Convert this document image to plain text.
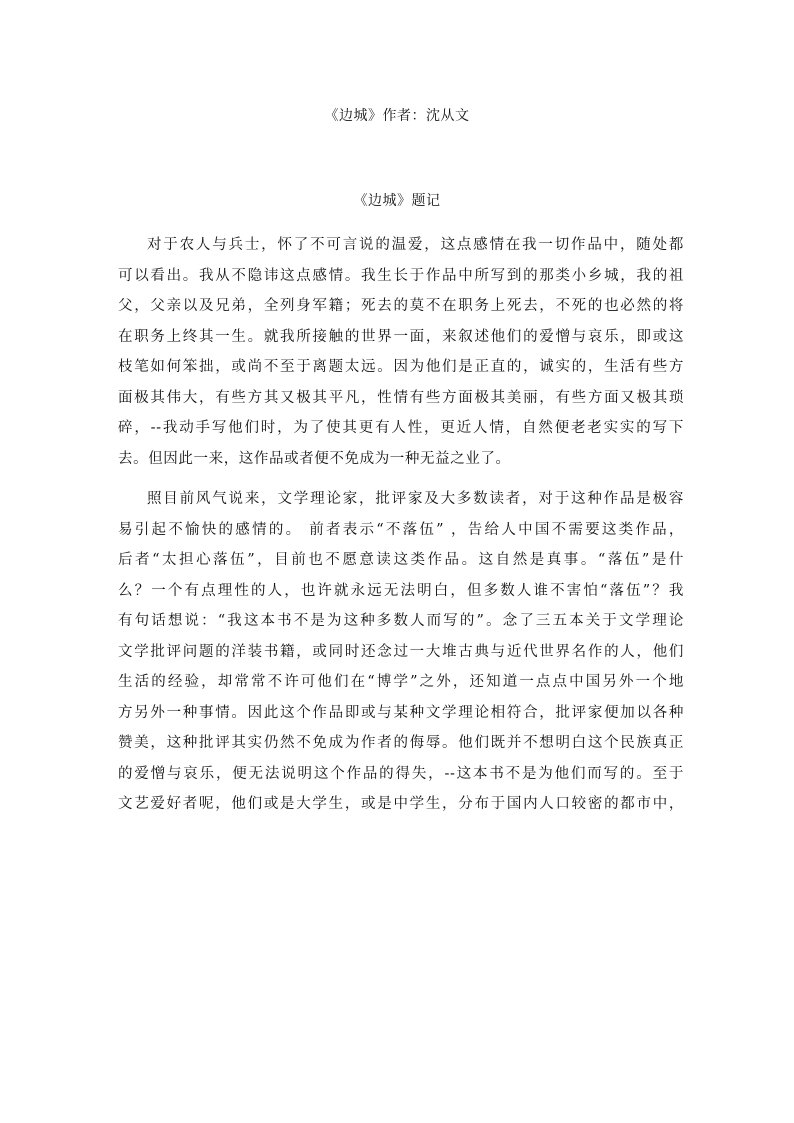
《边城》作者：沈从文
《边城》题记
对于农人与兵士，怀了不可言说的温爱，这点感情在我一切作品中，随处都
可以看出。我从不隐讳这点感情。我生长于作品中所写到的那类小乡城，我的祖
父，父亲以及兄弟，全列身军籍；死去的莫不在职务上死去，不死的也必然的将
在职务上终其一生。就我所接触的世界一面，来叙述他们的爱憎与哀乐，即或这
枝笔如何笨拙，或尚不至于离题太远。因为他们是正直的，诚实的，生活有些方
面极其伟大，有些方其又极其平凡，性情有些方面极其美丽，有些方面又极其琐
碎，--我动手写他们时，为了使其更有人性，更近人情，自然便老老实实的写下
去。但因此一来，这作品或者便不免成为一种无益之业了。
照目前风气说来，文学理论家，批评家及大多数读者，对于这种作品是极容
易引起不愉快的感情的。 前者表示“不落伍” ，告给人中国不需要这类作品，
后者“太担心落伍”，目前也不愿意读这类作品。这自然是真事。“落伍”是什
么？一个有点理性的人，也许就永远无法明白，但多数人谁不害怕“落伍”？我
有句话想说：“我这本书不是为这种多数人而写的”。念了三五本关于文学理论
文学批评问题的洋装书籍，或同时还念过一大堆古典与近代世界名作的人，他们
生活的经验，却常常不许可他们在“博学”之外，还知道一点点中国另外一个地
方另外一种事情。因此这个作品即或与某种文学理论相符合，批评家便加以各种
赞美，这种批评其实仍然不免成为作者的侮辱。他们既并不想明白这个民族真正
的爱憎与哀乐，便无法说明这个作品的得失，--这本书不是为他们而写的。至于
文艺爱好者呢，他们或是大学生，或是中学生，分布于国内人口较密的都市中，
